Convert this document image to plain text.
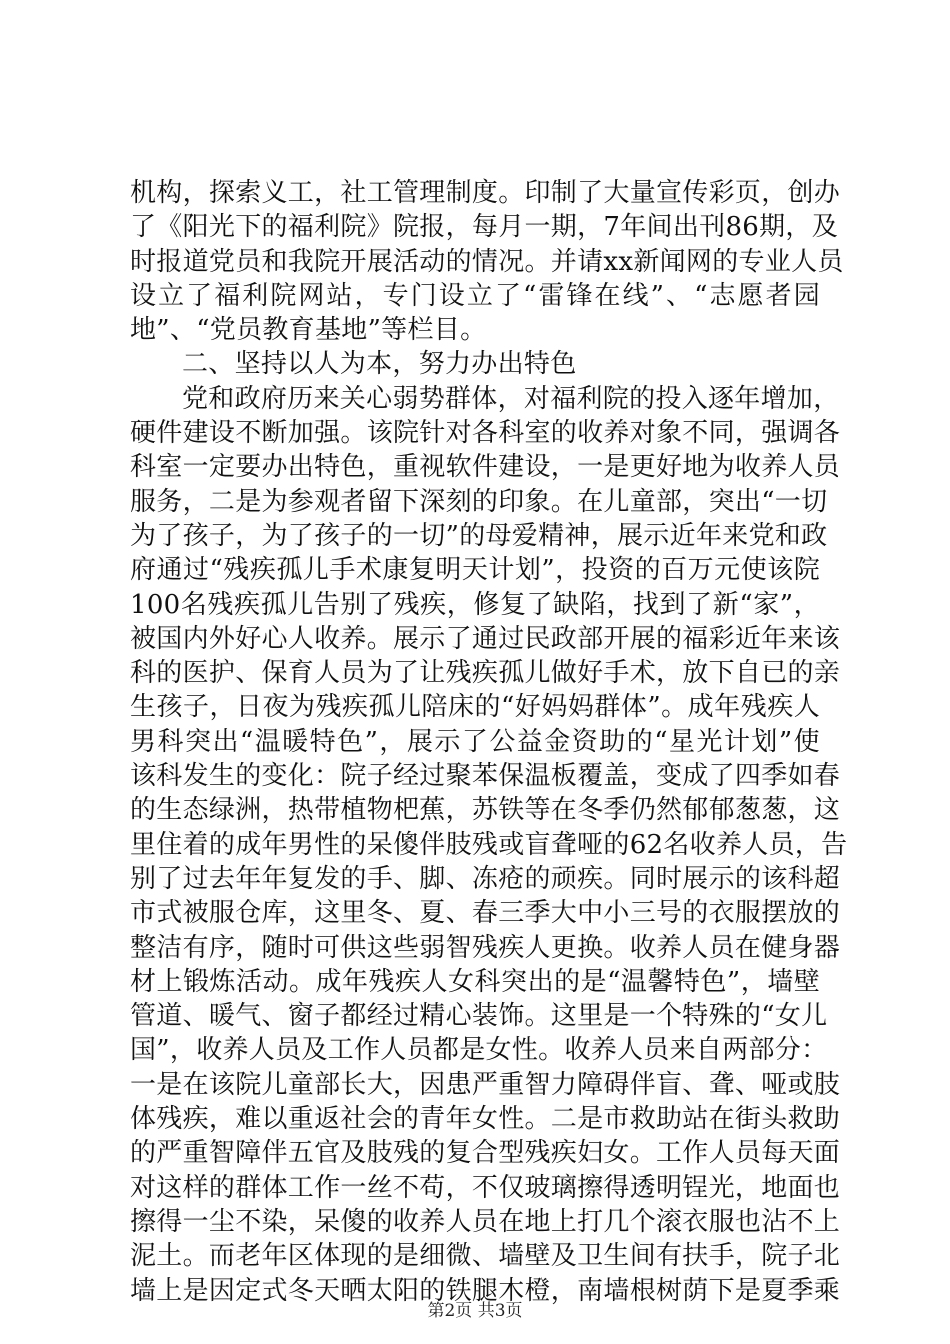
机构，探索义工，社工管理制度。印制了大量宣传彩页，创办
了《阳光下的福利院》院报，每月一期，7年间出刊86期，及
时报道党员和我院开展活动的情况。并请xx新闻网的专业人员
设立了福利院网站，专门设立了“雷锋在线”、“志愿者园
地”、“党员教育基地”等栏目。
二、坚持以人为本，努力办出特色
党和政府历来关心弱势群体，对福利院的投入逐年增加，
硬件建设不断加强。该院针对各科室的收养对象不同，强调各
科室一定要办出特色，重视软件建设，一是更好地为收养人员
服务，二是为参观者留下深刻的印象。在儿童部，突出“一切
为了孩子，为了孩子的一切”的母爱精神，展示近年来党和政
府通过“残疾孤儿手术康复明天计划”，投资的百万元使该院
100名残疾孤儿告别了残疾，修复了缺陷，找到了新“家”，
被国内外好心人收养。展示了通过民政部开展的福彩近年来该
科的医护、保育人员为了让残疾孤儿做好手术，放下自已的亲
生孩子，日夜为残疾孤儿陪床的“好妈妈群体”。成年残疾人
男科突出“温暖特色”，展示了公益金资助的“星光计划”使
该科发生的变化：院子经过聚苯保温板覆盖，变成了四季如春
的生态绿洲，热带植物杷蕉，苏铁等在冬季仍然郁郁葱葱，这
里住着的成年男性的呆傻伴肢残或盲聋哑的62名收养人员，告
别了过去年年复发的手、脚、冻疮的顽疾。同时展示的该科超
市式被服仓库，这里冬、夏、春三季大中小三号的衣服摆放的
整洁有序，随时可供这些弱智残疾人更换。收养人员在健身器
材上锻炼活动。成年残疾人女科突出的是“温馨特色”，墙壁
管道、暖气、窗子都经过精心装饰。这里是一个特殊的“女儿
国”，收养人员及工作人员都是女性。收养人员来自两部分：
一是在该院儿童部长大，因患严重智力障碍伴盲、聋、哑或肢
体残疾，难以重返社会的青年女性。二是市救助站在街头救助
的严重智障伴五官及肢残的复合型残疾妇女。工作人员每天面
对这样的群体工作一丝不苟，不仅玻璃擦得透明锃光，地面也
擦得一尘不染，呆傻的收养人员在地上打几个滚衣服也沾不上
泥土。而老年区体现的是细微、墙壁及卫生间有扶手，院子北
墙上是因定式冬天晒太阳的铁腿木橙，南墙根树荫下是夏季乘
第2页 共3页
